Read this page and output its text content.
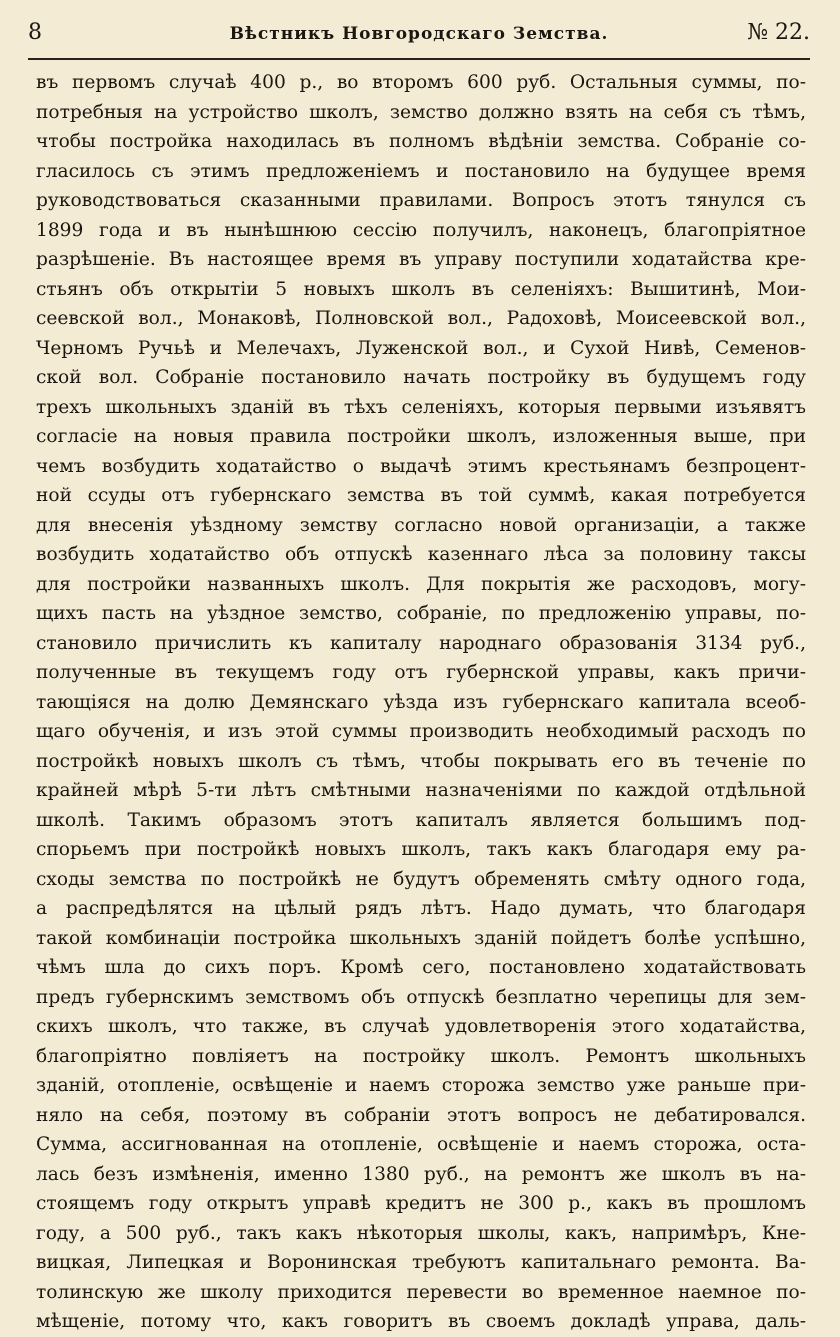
8	Вѣстникъ Новгородскаго Земства.	№ 22.
въ первомъ случаѣ 400 р., во второмъ 600 руб. Остальныя суммы, по-
потребныя на устройство школъ, земство должно взять на себя съ тѣмъ,
чтобы постройка находилась въ полномъ вѣдѣніи земства. Собраніе со-
гласилось съ этимъ предложеніемъ и постановило на будущее время
руководствоваться сказанными правилами. Вопросъ этотъ тянулся съ
1899 года и въ нынѣшнюю сессію получилъ, наконецъ, благопріятное
разрѣшеніе. Въ настоящее время въ управу поступили ходатайства кре-
стьянъ объ открытіи 5 новыхъ школъ въ селеніяхъ: Вышитинѣ, Мои-
сеевской вол., Монаковѣ, Полновской вол., Радоховѣ, Моисеевской вол.,
Черномъ Ручьѣ и Мелечахъ, Луженской вол., и Сухой Нивѣ, Семенов-
ской вол. Собраніе постановило начать постройку въ будущемъ году
трехъ школьныхъ зданій въ тѣхъ селеніяхъ, которыя первыми изъявятъ
согласіе на новыя правила постройки школъ, изложенныя выше, при
чемъ возбудить ходатайство о выдачѣ этимъ крестьянамъ безпроцент-
ной ссуды отъ губернскаго земства въ той суммѣ, какая потребуется
для внесенія уѣздному земству согласно новой организаціи, а также
возбудить ходатайство объ отпускѣ казеннаго лѣса за половину таксы
для постройки названныхъ школъ. Для покрытія же расходовъ, могу-
щихъ пасть на уѣздное земство, собраніе, по предложенію управы, по-
становило причислить къ капиталу народнаго образованія 3134 руб.,
полученные въ текущемъ году отъ губернской управы, какъ причи-
тающіяся на долю Демянскаго уѣзда изъ губернскаго капитала всеоб-
щаго обученія, и изъ этой суммы производить необходимый расходъ по
постройкѣ новыхъ школъ съ тѣмъ, чтобы покрывать его въ теченіе по
крайней мѣрѣ 5-ти лѣтъ смѣтными назначеніями по каждой отдѣльной
школѣ. Такимъ образомъ этотъ капиталъ является большимъ под-
спорьемъ при постройкѣ новыхъ школъ, такъ какъ благодаря ему ра-
сходы земства по постройкѣ не будутъ обременять смѣту одного года,
а распредѣлятся на цѣлый рядъ лѣтъ. Надо думать, что благодаря
такой комбинаціи постройка школьныхъ зданій пойдетъ болѣе успѣшно,
чѣмъ шла до сихъ поръ. Кромѣ сего, постановлено ходатайствовать
предъ губернскимъ земствомъ объ отпускѣ безплатно черепицы для зем-
скихъ школъ, что также, въ случаѣ удовлетворенія этого ходатайства,
благопріятно повліяетъ на постройку школъ. Ремонтъ школьныхъ
зданій, отопленіе, освѣщеніе и наемъ сторожа земство уже раньше при-
няло на себя, поэтому въ собраніи этотъ вопросъ не дебатировался.
Сумма, ассигнованная на отопленіе, освѣщеніе и наемъ сторожа, оста-
лась безъ измѣненія, именно 1380 руб., на ремонтъ же школъ въ на-
стоящемъ году открытъ управѣ кредитъ не 300 р., какъ въ прошломъ
году, а 500 руб., такъ какъ нѣкоторыя школы, какъ, напримѣръ, Кне-
вицкая, Липецкая и Воронинская требуютъ капитальнаго ремонта. Ва-
толинскую же школу приходится перевести во временное наемное по-
мѣщеніе, потому что, какъ говоритъ въ своемъ докладѣ управа, даль-
